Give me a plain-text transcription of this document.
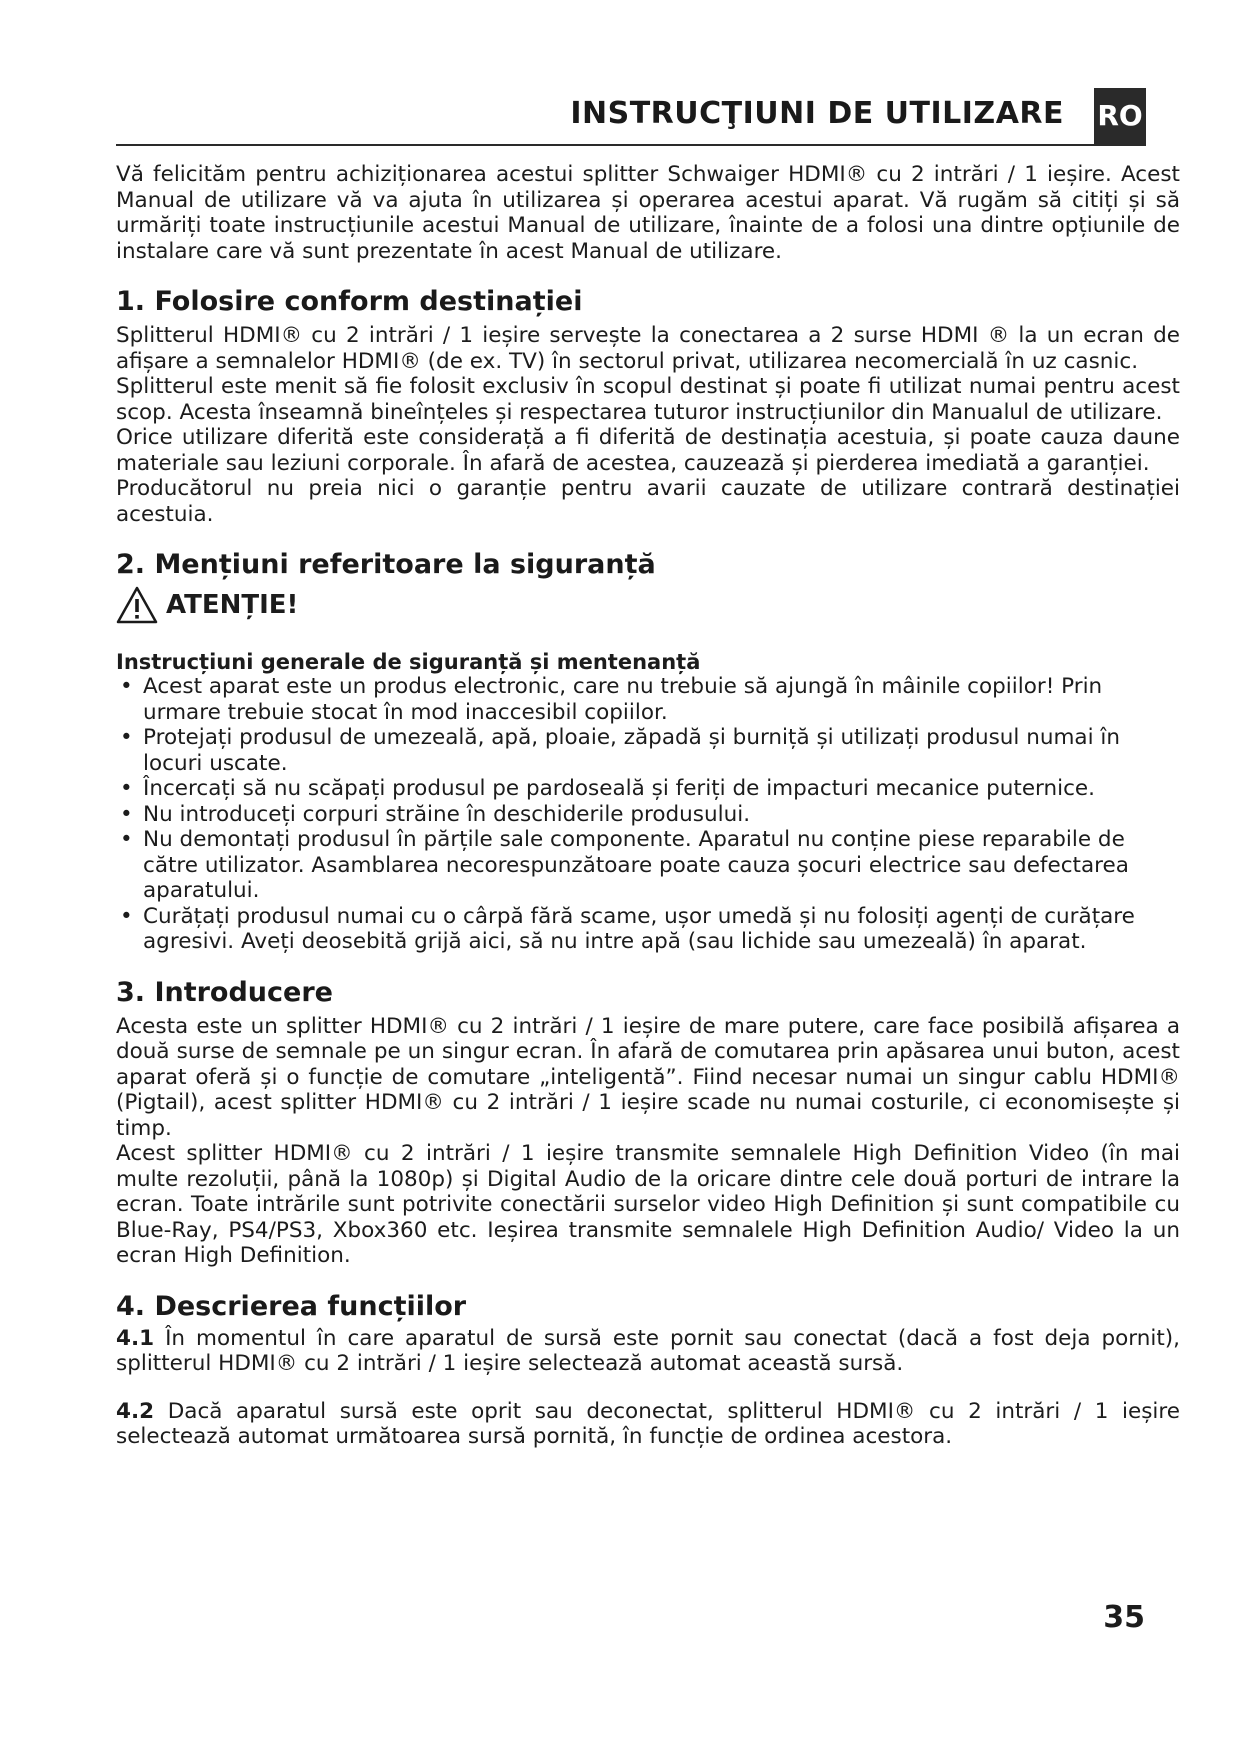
INSTRUCŢIUNI DE UTILIZARE RO

Vă felicităm pentru achiziționarea acestui splitter Schwaiger HDMI® cu 2 intrări / 1 ieșire. Acest Manual de utilizare vă va ajuta în utilizarea și operarea acestui aparat. Vă rugăm să citiți și să urmăriți toate instrucțiunile acestui Manual de utilizare, înainte de a folosi una dintre opțiunile de instalare care vă sunt prezentate în acest Manual de utilizare.

1. Folosire conform destinației

Splitterul HDMI® cu 2 intrări / 1 ieșire servește la conectarea a 2 surse HDMI ® la un ecran de afișare a semnalelor HDMI® (de ex. TV) în sectorul privat, utilizarea necomercială în uz casnic.

Splitterul este menit să fie folosit exclusiv în scopul destinat și poate fi utilizat numai pentru acest scop. Acesta înseamnă bineînțeles și respectarea tuturor instrucțiunilor din Manualul de utilizare.

Orice utilizare diferită este considerață a fi diferită de destinația acestuia, și poate cauza daune materiale sau leziuni corporale. În afară de acestea, cauzează și pierderea imediată a garanției.

Producătorul nu preia nici o garanție pentru avarii cauzate de utilizare contrară destinației acestuia.

2. Mențiuni referitoare la siguranță
ATENȚIE!
Instrucțiuni generale de siguranță și mentenanță
• Acest aparat este un produs electronic, care nu trebuie să ajungă în mâinile copiilor! Prin urmare trebuie stocat în mod inaccesibil copiilor.
• Protejați produsul de umezeală, apă, ploaie, zăpadă și burniță și utilizați produsul numai în locuri uscate.
• Încercați să nu scăpați produsul pe pardoseală și feriți de impacturi mecanice puternice.
• Nu introduceți corpuri străine în deschiderile produsului.
• Nu demontați produsul în părțile sale componente. Aparatul nu conține piese reparabile de către utilizator. Asamblarea necorespunzătoare poate cauza șocuri electrice sau defectarea aparatului.
• Curățați produsul numai cu o cârpă fără scame, ușor umedă și nu folosiți agenți de curățare agresivi. Aveți deosebită grijă aici, să nu intre apă (sau lichide sau umezeală) în aparat.
3. Introducere

Acesta este un splitter HDMI® cu 2 intrări / 1 ieșire de mare putere, care face posibilă afișarea a două surse de semnale pe un singur ecran. În afară de comutarea prin apăsarea unui buton, acest aparat oferă și o funcție de comutare „inteligentă”. Fiind necesar numai un singur cablu HDMI® (Pigtail), acest splitter HDMI® cu 2 intrări / 1 ieșire scade nu numai costurile, ci economisește și timp.

Acest splitter HDMI® cu 2 intrări / 1 ieșire transmite semnalele High Definition Video (în mai multe rezoluții, până la 1080p) și Digital Audio de la oricare dintre cele două porturi de intrare la ecran. Toate intrările sunt potrivite conectării surselor video High Definition și sunt compatibile cu Blue-Ray, PS4/PS3, Xbox360 etc. Ieșirea transmite semnalele High Definition Audio/ Video la un ecran High Definition.

4. Descrierea funcțiilor

4.1 În momentul în care aparatul de sursă este pornit sau conectat (dacă a fost deja pornit), splitterul HDMI® cu 2 intrări / 1 ieșire selectează automat această sursă.

4.2 Dacă aparatul sursă este oprit sau deconectat, splitterul HDMI® cu 2 intrări / 1 ieșire selectează automat următoarea sursă pornită, în funcție de ordinea acestora.

35
